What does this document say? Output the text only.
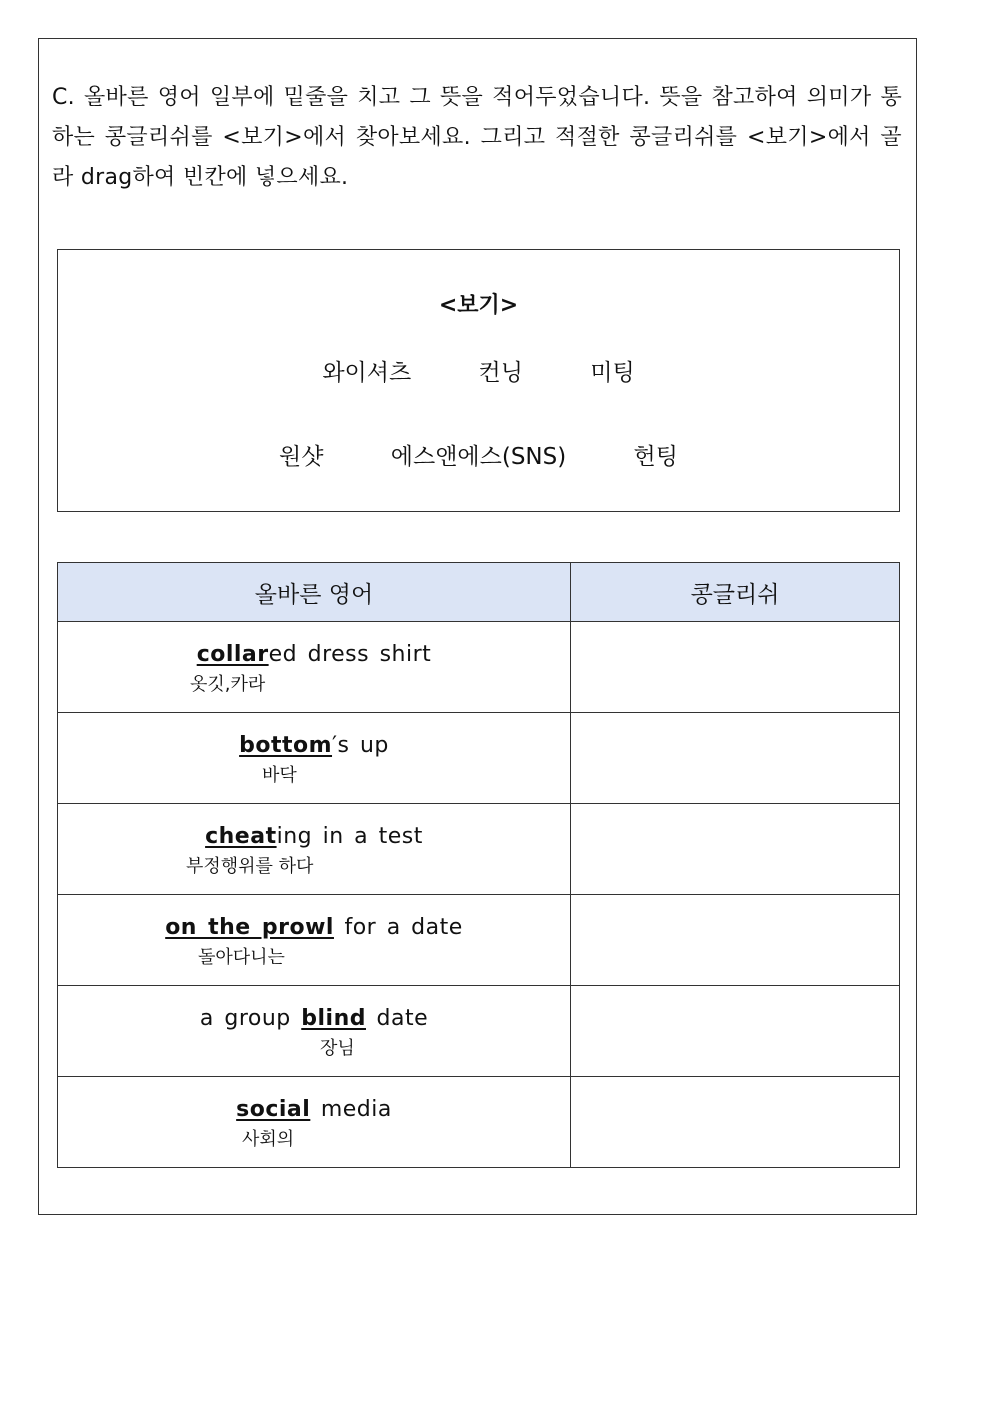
C. 올바른 영어 일부에 밑줄을 치고 그 뜻을 적어두었습니다. 뜻을 참고하여 의미가 통하는 콩글리쉬를 <보기>에서 찾아보세요. 그리고 적절한 콩글리쉬를 <보기>에서 골라 drag하여 빈칸에 넣으세요.
<보기>
와이셔츠	컨닝	미팅
원샷	에스앤에스(SNS)	헌팅
올바른 영어	콩글리쉬

collared dress shirt
옷깃,카라	

bottom′s up
바닥	

cheating in a test
부정행위를 하다	

on the prowl for a date
돌아다니는	

a group blind date
장님	

social media
사회의	
